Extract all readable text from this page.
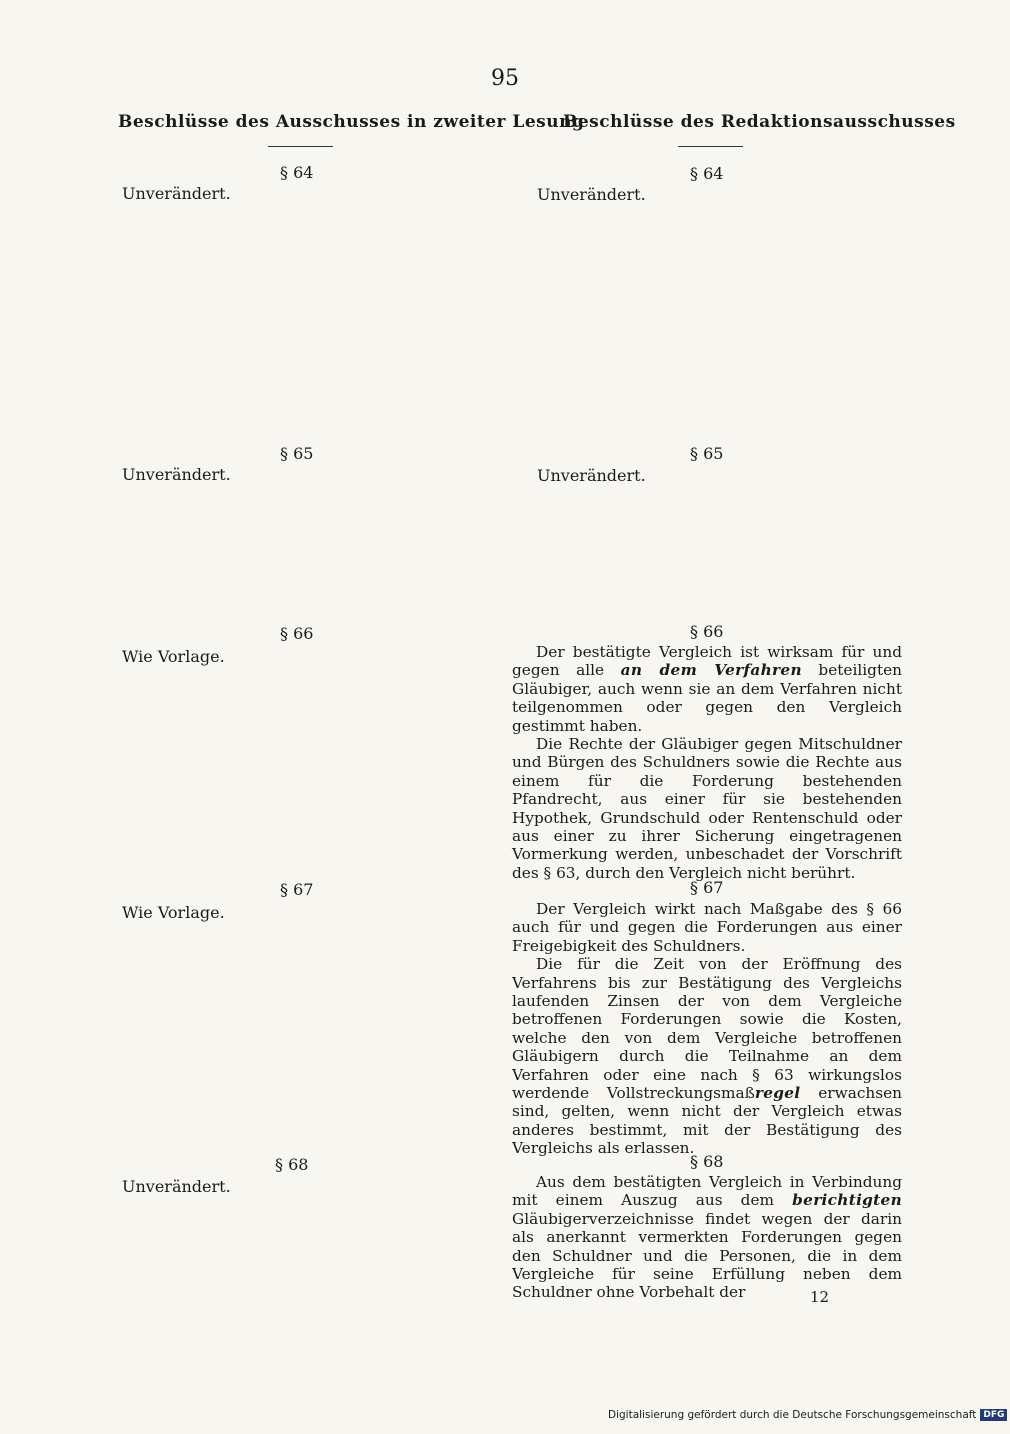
95
Beschlüsse des Ausschusses in zweiter Lesung
Beschlüsse des Redaktionsausschusses
§ 64
Unverändert.
§ 65
Unverändert.
§ 66
Wie Vorlage.
§ 67
Wie Vorlage.
§ 68
Unverändert.
§ 64
Unverändert.
§ 65
Unverändert.
§ 66

Der bestätigte Vergleich ist wirksam für und gegen alle an dem Verfahren beteiligten Gläubiger, auch wenn sie an dem Verfahren nicht teilgenommen oder gegen den Vergleich gestimmt haben.

Die Rechte der Gläubiger gegen Mitschuldner und Bürgen des Schuldners sowie die Rechte aus einem für die Forderung bestehenden Pfandrecht, aus einer für sie bestehenden Hypothek, Grundschuld oder Rentenschuld oder aus einer zu ihrer Sicherung eingetragenen Vormerkung werden, unbeschadet der Vorschrift des § 63, durch den Vergleich nicht berührt.

§ 67

Der Vergleich wirkt nach Maßgabe des § 66 auch für und gegen die Forderungen aus einer Freigebigkeit des Schuldners.

Die für die Zeit von der Eröffnung des Verfahrens bis zur Bestätigung des Vergleichs laufenden Zinsen der von dem Vergleiche betroffenen Forderungen sowie die Kosten, welche den von dem Vergleiche betroffenen Gläubigern durch die Teilnahme an dem Verfahren oder eine nach § 63 wirkungslos werdende Vollstreckungsmaßregel erwachsen sind, gelten, wenn nicht der Vergleich etwas anderes bestimmt, mit der Bestätigung des Vergleichs als erlassen.

§ 68

Aus dem bestätigten Vergleich in Verbindung mit einem Auszug aus dem berichtigten Gläubigerverzeichnisse findet wegen der darin als anerkannt vermerkten Forderungen gegen den Schuldner und die Personen, die in dem Vergleiche für seine Erfüllung neben dem Schuldner ohne Vorbehalt der	12
Digitalisierung gefördert durch die Deutsche Forschungsgemeinschaft DFG
